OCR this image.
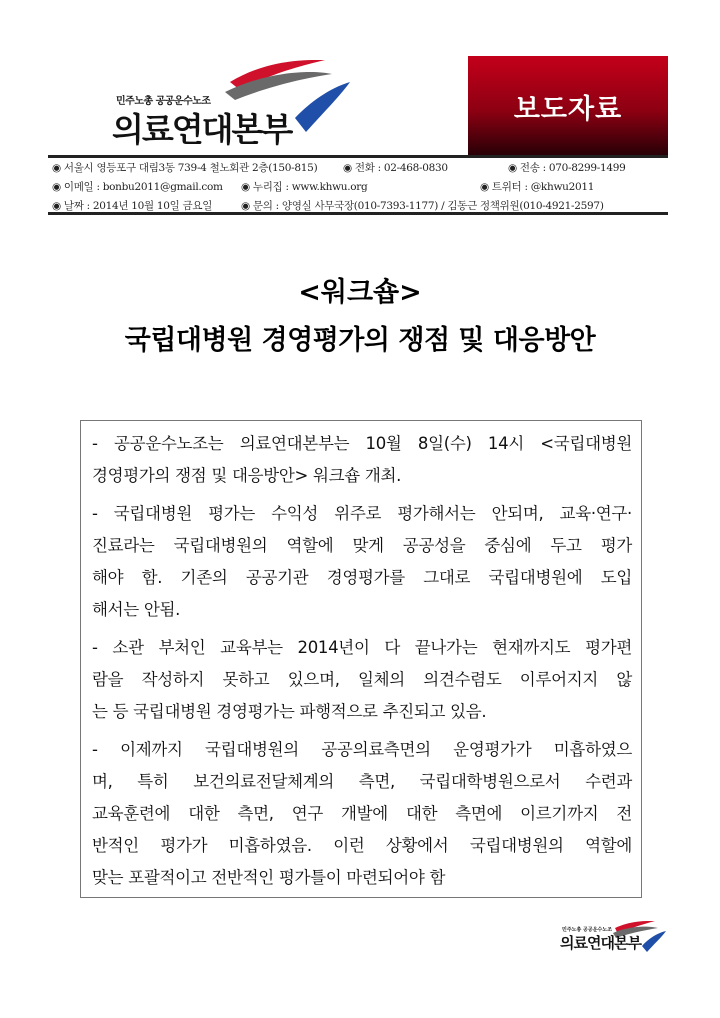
민주노총 공공운수노조
의료연대본부
보도자료
◉ 서울시 영등포구 대림3동 739-4 철노회관 2층(150-815) ◉ 전화 : 02-468-0830	◉ 전송 : 070-8299-1499
◉ 이메일 : bonbu2011@gmail.com ◉ 누리집 : www.khwu.org	◉ 트위터 : @khwu2011
◉ 날짜 : 2014년 10월 10일 금요일	◉ 문의 : 양영실 사무국장(010-7393-1177) / 김동근 정책위원(010-4921-2597)
<워크숍>
국립대병원 경영평가의 쟁점 및 대응방안
- 공공운수노조는 의료연대본부는 10월 8일(수) 14시 <국립대병원
경영평가의 쟁점 및 대응방안> 워크숍 개최.
- 국립대병원 평가는 수익성 위주로 평가해서는 안되며, 교육·연구·
진료라는 국립대병원의 역할에 맞게 공공성을 중심에 두고 평가
해야 함. 기존의 공공기관 경영평가를 그대로 국립대병원에 도입
해서는 안됨.
- 소관 부처인 교육부는 2014년이 다 끝나가는 현재까지도 평가편
람을 작성하지 못하고 있으며, 일체의 의견수렴도 이루어지지 않
는 등 국립대병원 경영평가는 파행적으로 추진되고 있음.
- 이제까지 국립대병원의 공공의료측면의 운영평가가 미흡하였으
며, 특히 보건의료전달체계의 측면, 국립대학병원으로서 수련과
교육훈련에 대한 측면, 연구 개발에 대한 측면에 이르기까지 전
반적인 평가가 미흡하였음. 이런 상황에서 국립대병원의 역할에
맞는 포괄적이고 전반적인 평가틀이 마련되어야 함
민주노총 공공운수노조
의료연대본부
